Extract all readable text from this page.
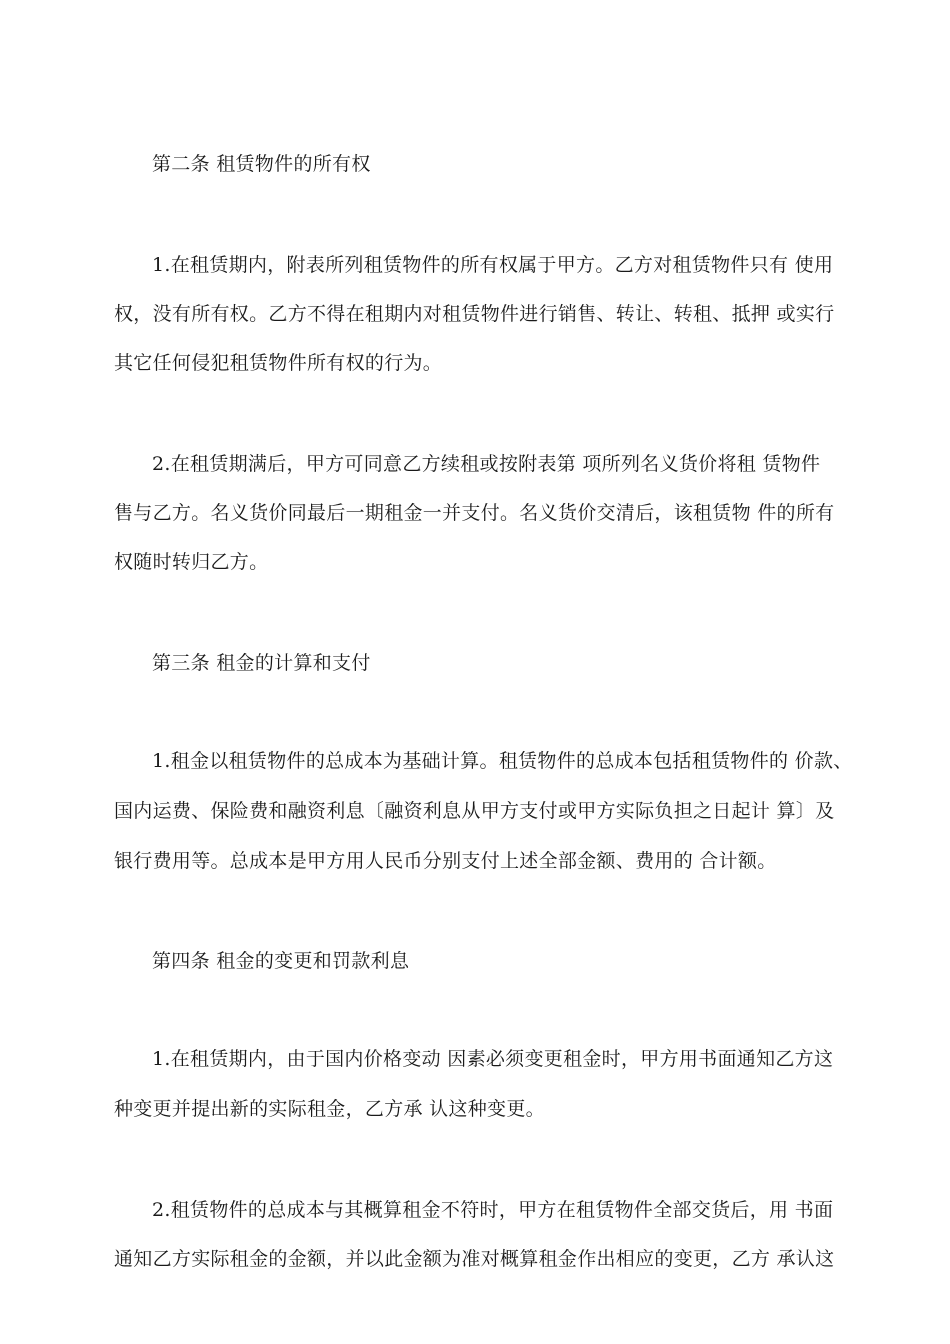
第二条 租赁物件的所有权
1.在租赁期内，附表所列租赁物件的所有权属于甲方。乙方对租赁物件只有 使用
权，没有所有权。乙方不得在租期内对租赁物件进行销售、转让、转租、抵押 或实行
其它任何侵犯租赁物件所有权的行为。
2.在租赁期满后，甲方可同意乙方续租或按附表第 项所列名义货价将租 赁物件
售与乙方。名义货价同最后一期租金一并支付。名义货价交清后，该租赁物 件的所有
权随时转归乙方。
第三条 租金的计算和支付
1.租金以租赁物件的总成本为基础计算。租赁物件的总成本包括租赁物件的 价款、
国内运费、保险费和融资利息〔融资利息从甲方支付或甲方实际负担之日起计 算〕及
银行费用等。总成本是甲方用人民币分别支付上述全部金额、费用的 合计额。
第四条 租金的变更和罚款利息
1.在租赁期内，由于国内价格变动 因素必须变更租金时，甲方用书面通知乙方这
种变更并提出新的实际租金，乙方承 认这种变更。
2.租赁物件的总成本与其概算租金不符时，甲方在租赁物件全部交货后，用 书面
通知乙方实际租金的金额，并以此金额为准对概算租金作出相应的变更，乙方 承认这
